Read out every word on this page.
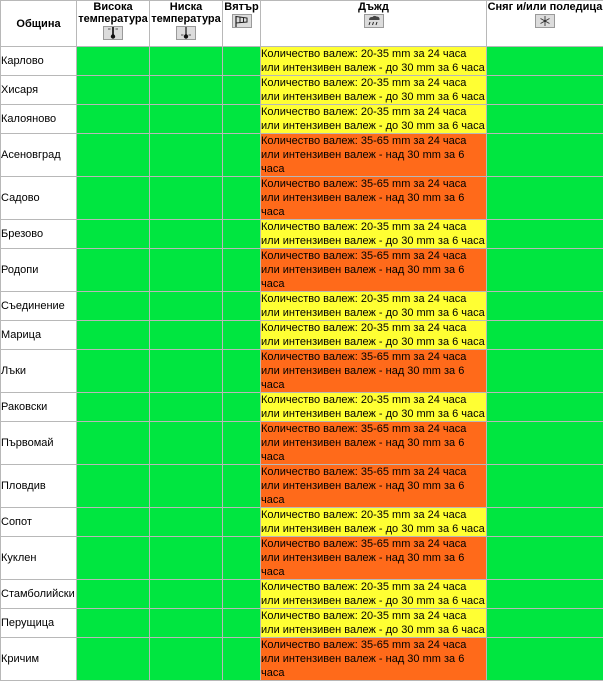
Община	Висока температура	Ниска температура	Вятър	Дъжд	Сняг и/или поледица

Карлово				Количество валеж: 20-35 mm за 24 часа или интензивен валеж - до 30 mm за 6 часа	

Хисаря				Количество валеж: 20-35 mm за 24 часа или интензивен валеж - до 30 mm за 6 часа	

Калояново				Количество валеж: 20-35 mm за 24 часа или интензивен валеж - до 30 mm за 6 часа	

Асеновград				Количество валеж: 35-65 mm за 24 часа или интензивен валеж - над 30 mm за 6 часа	

Садово				Количество валеж: 35-65 mm за 24 часа или интензивен валеж - над 30 mm за 6 часа	

Брезово				Количество валеж: 20-35 mm за 24 часа или интензивен валеж - до 30 mm за 6 часа	

Родопи				Количество валеж: 35-65 mm за 24 часа или интензивен валеж - над 30 mm за 6 часа	

Съединение				Количество валеж: 20-35 mm за 24 часа или интензивен валеж - до 30 mm за 6 часа	

Марица				Количество валеж: 20-35 mm за 24 часа или интензивен валеж - до 30 mm за 6 часа	

Лъки				Количество валеж: 35-65 mm за 24 часа или интензивен валеж - над 30 mm за 6 часа	

Раковски				Количество валеж: 20-35 mm за 24 часа или интензивен валеж - до 30 mm за 6 часа	

Първомай				Количество валеж: 35-65 mm за 24 часа или интензивен валеж - над 30 mm за 6 часа	

Пловдив				Количество валеж: 35-65 mm за 24 часа или интензивен валеж - над 30 mm за 6 часа	

Сопот				Количество валеж: 20-35 mm за 24 часа или интензивен валеж - до 30 mm за 6 часа	

Куклен				Количество валеж: 35-65 mm за 24 часа или интензивен валеж - над 30 mm за 6 часа	

Стамболийски				Количество валеж: 20-35 mm за 24 часа или интензивен валеж - до 30 mm за 6 часа	

Перущица				Количество валеж: 20-35 mm за 24 часа или интензивен валеж - до 30 mm за 6 часа	

Кричим				Количество валеж: 35-65 mm за 24 часа или интензивен валеж - над 30 mm за 6 часа	
